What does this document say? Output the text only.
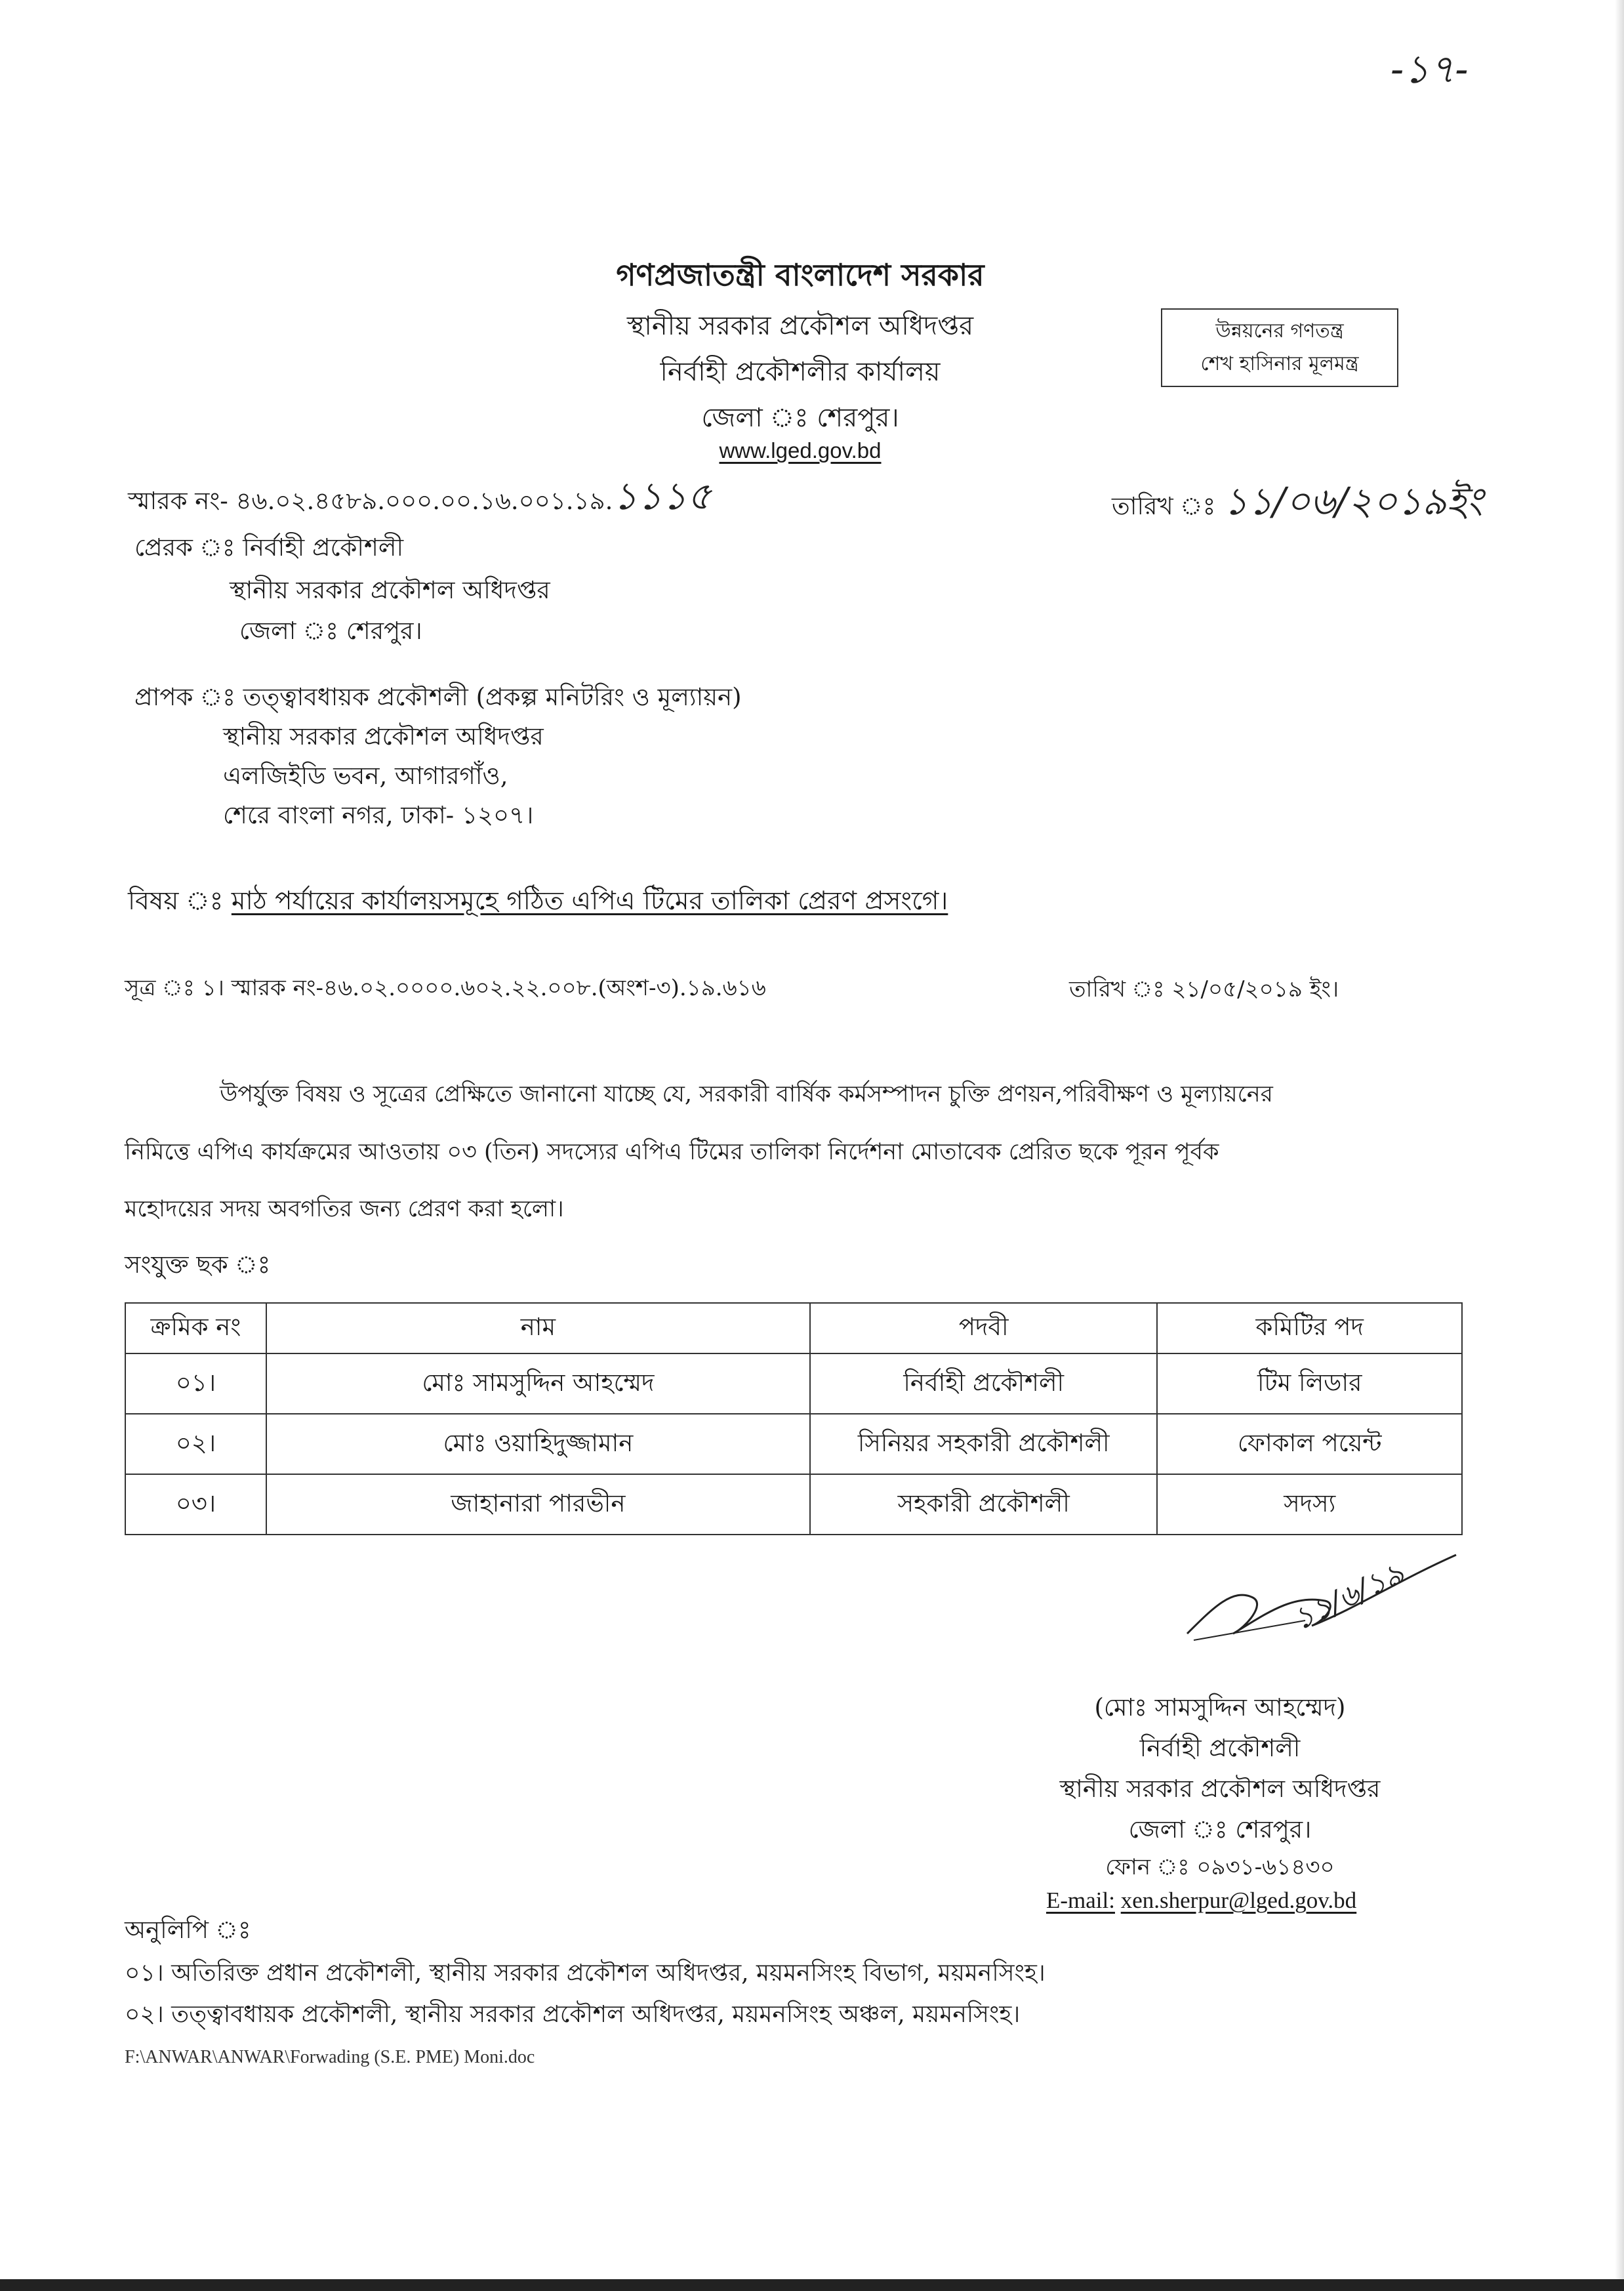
-১৭-
গণপ্রজাতন্ত্রী বাংলাদেশ সরকার
স্থানীয় সরকার প্রকৌশল অধিদপ্তর
নির্বাহী প্রকৌশলীর কার্যালয়
জেলা ঃ শেরপুর।
www.lged.gov.bd
উন্নয়নের গণতন্ত্র
শেখ হাসিনার মূলমন্ত্র
স্মারক নং- ৪৬.০২.৪৫৮৯.০০০.০০.১৬.০০১.১৯.১১১৫	তারিখ ঃ ১১/০৬/২০১৯ইং
প্রেরক ঃ নির্বাহী প্রকৌশলী
স্থানীয় সরকার প্রকৌশল অধিদপ্তর
জেলা ঃ শেরপুর।
প্রাপক ঃ তত্ত্বাবধায়ক প্রকৌশলী (প্রকল্প মনিটরিং ও মূল্যায়ন)
স্থানীয় সরকার প্রকৌশল অধিদপ্তর
এলজিইডি ভবন, আগারগাঁও,
শেরে বাংলা নগর, ঢাকা- ১২০৭।
বিষয় ঃ মাঠ পর্যায়ের কার্যালয়সমূহে গঠিত এপিএ টিমের তালিকা প্রেরণ প্রসংগে।
সূত্র ঃ ১। স্মারক নং-৪৬.০২.০০০০.৬০২.২২.০০৮.(অংশ-৩).১৯.৬১৬	তারিখ ঃ ২১/০৫/২০১৯ ইং।
উপর্যুক্ত বিষয় ও সূত্রের প্রেক্ষিতে জানানো যাচ্ছে যে, সরকারী বার্ষিক কর্মসম্পাদন চুক্তি প্রণয়ন,পরিবীক্ষণ ও মূল্যায়নের
নিমিত্তে এপিএ কার্যক্রমের আওতায় ০৩ (তিন) সদস্যের এপিএ টিমের তালিকা নির্দেশনা মোতাবেক প্রেরিত ছকে পূরন পূর্বক
মহোদয়ের সদয় অবগতির জন্য প্রেরণ করা হলো।
সংযুক্ত ছক ঃ
ক্রমিক নং	নাম	পদবী	কমিটির পদ
০১।	মোঃ সামসুদ্দিন আহম্মেদ	নির্বাহী প্রকৌশলী	টিম লিডার
০২।	মোঃ ওয়াহিদুজ্জামান	সিনিয়র সহকারী প্রকৌশলী	ফোকাল পয়েন্ট
০৩।	জাহানারা পারভীন	সহকারী প্রকৌশলী	সদস্য
১১/৬/১৯
(মোঃ সামসুদ্দিন আহম্মেদ)
নির্বাহী প্রকৌশলী
স্থানীয় সরকার প্রকৌশল অধিদপ্তর
জেলা ঃ শেরপুর।
ফোন ঃ ০৯৩১-৬১৪৩০
E-mail: xen.sherpur@lged.gov.bd
অনুলিপি ঃ
০১। অতিরিক্ত প্রধান প্রকৌশলী, স্থানীয় সরকার প্রকৌশল অধিদপ্তর, ময়মনসিংহ বিভাগ, ময়মনসিংহ।
০২। তত্ত্বাবধায়ক প্রকৌশলী, স্থানীয় সরকার প্রকৌশল অধিদপ্তর, ময়মনসিংহ অঞ্চল, ময়মনসিংহ।
F:\ANWAR\ANWAR\Forwading (S.E. PME) Moni.doc
